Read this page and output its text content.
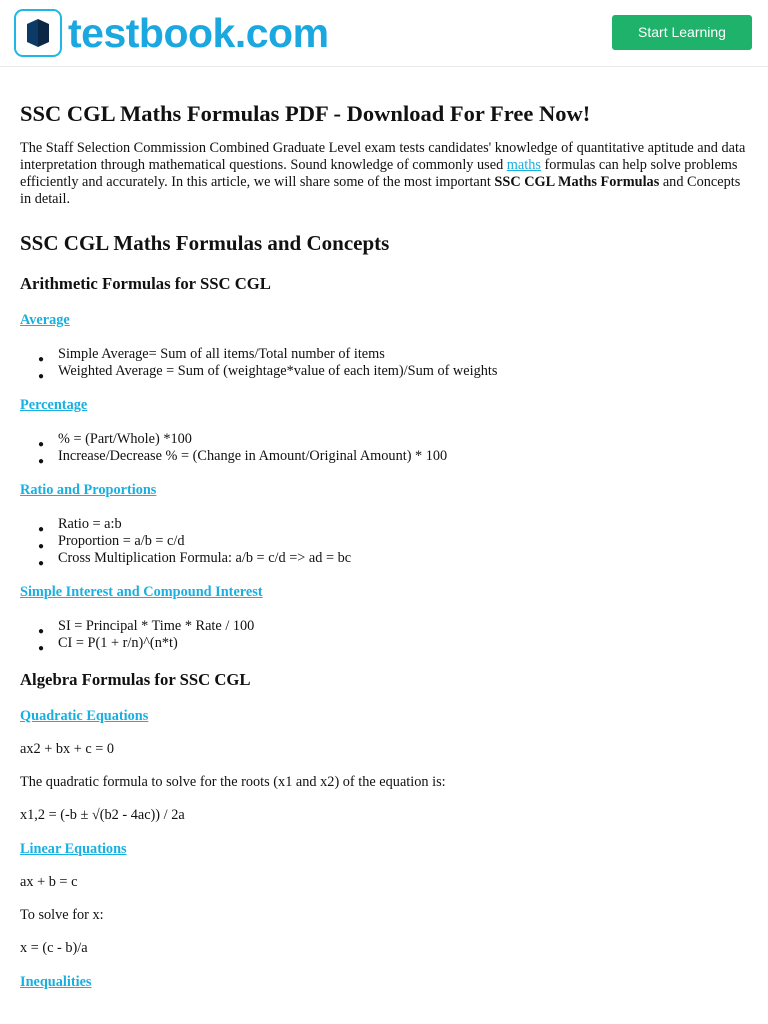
testbook.com	Start Learning
SSC CGL Maths Formulas PDF - Download For Free Now!

The Staff Selection Commission Combined Graduate Level exam tests candidates' knowledge of quantitative aptitude and data interpretation through mathematical questions. Sound knowledge of commonly used maths formulas can help solve problems efficiently and accurately. In this article, we will share some of the most important SSC CGL Maths Formulas and Concepts in detail.

SSC CGL Maths Formulas and Concepts
Arithmetic Formulas for SSC CGL
Average
● Simple Average= Sum of all items/Total number of items
● Weighted Average = Sum of (weightage*value of each item)/Sum of weights
Percentage
● % = (Part/Whole) *100
● Increase/Decrease % = (Change in Amount/Original Amount) * 100
Ratio and Proportions
● Ratio = a:b
● Proportion = a/b = c/d
● Cross Multiplication Formula: a/b = c/d => ad = bc
Simple Interest and Compound Interest
● SI = Principal * Time * Rate / 100
● CI = P(1 + r/n)^(n*t)
Algebra Formulas for SSC CGL
Quadratic Equations

ax2 + bx + c = 0

The quadratic formula to solve for the roots (x1 and x2) of the equation is:

x1,2 = (-b ± √(b2 - 4ac)) / 2a

Linear Equations

ax + b = c

To solve for x:

x = (c - b)/a

Inequalities
